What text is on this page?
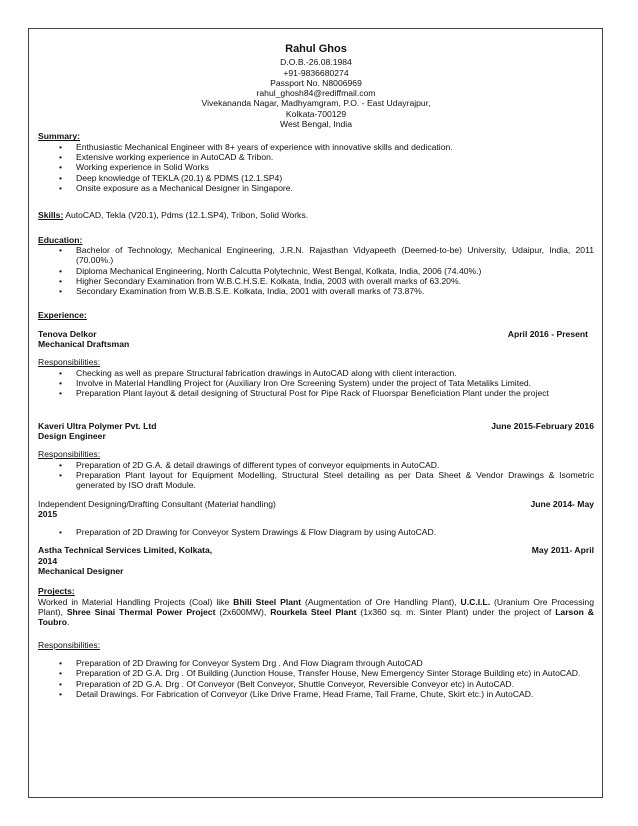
Rahul Ghos
D.O.B.-26.08.1984
+91-9836680274
Passport No. N8006969
rahul_ghosh84@rediffmail.com
Vivekananda Nagar, Madhyamgram, P.O. - East Udayrajpur,
Kolkata-700129
West Bengal, India
Summary:
• Enthusiastic Mechanical Engineer with 8+ years of experience with innovative skills and dedication.
• Extensive working experience in AutoCAD & Tribon.
• Working experience in Solid Works
• Deep knowledge of TEKLA (20.1) & PDMS (12.1.SP4)
• Onsite exposure as a Mechanical Designer in Singapore.
Skills: AutoCAD, Tekla (V20.1), Pdms (12.1.SP4), Tribon, Solid Works.
Education:
• Bachelor of Technology, Mechanical Engineering, J.R.N. Rajasthan Vidyapeeth (Deemed-to-be) University, Udaipur, India, 2011 (70.00%.)
• Diploma Mechanical Engineering, North Calcutta Polytechnic, West Bengal, Kolkata, India, 2006 (74.40%.)
• Higher Secondary Examination from W.B.C.H.S.E. Kolkata, India, 2003 with overall marks of 63.20%.
• Secondary Examination from W.B.B.S.E. Kolkata, India, 2001 with overall marks of 73.87%.
Experience:
Tenova Delkor	April 2016 - Present
Mechanical Draftsman
Responsibilities:
• Checking as well as prepare Structural fabrication drawings in AutoCAD along with client interaction.
• Involve in Material Handling Project for (Auxiliary Iron Ore Screening System) under the project of Tata Metaliks Limited.
• Preparation Plant layout & detail designing of Structural Post for Pipe Rack of Fluorspar Beneficiation Plant under the project
Kaveri Ultra Polymer Pvt. Ltd	June 2015-February 2016
Design Engineer
Responsibilities:
• Preparation of 2D G.A. & detail drawings of different types of conveyor equipments in AutoCAD.
• Preparation Plant layout for Equipment Modelling, Structural Steel detailing as per Data Sheet & Vendor Drawings & Isometric generated by ISO draft Module.
Independent Designing/Drafting Consultant (Material handling)	June 2014- May
2015
• Preparation of 2D Drawing for Conveyor System Drawings & Flow Diagram by using AutoCAD.
Astha Technical Services Limited, Kolkata,	May 2011- April
2014
Mechanical Designer
Projects:
Worked in Material Handling Projects (Coal) like Bhili Steel Plant (Augmentation of Ore Handling Plant), U.C.I.L. (Uranium Ore Processing Plant), Shree Sinai Thermal Power Project (2x600MW), Rourkela Steel Plant (1x360 sq. m. Sinter Plant) under the project of Larson & Toubro.
Responsibilities:
• Preparation of 2D Drawing for Conveyor System Drg . And Flow Diagram through AutoCAD
• Preparation of 2D G.A. Drg . Of Building (Junction House, Transfer House, New Emergency Sinter Storage Building etc) in AutoCAD.
• Preparation of 2D G.A. Drg . Of Conveyor (Belt Conveyor, Shuttle Conveyor, Reversible Conveyor etc) in AutoCAD.
• Detail Drawings. For Fabrication of Conveyor (Like Drive Frame, Head Frame, Tail Frame, Chute, Skirt etc.) in AutoCAD.
